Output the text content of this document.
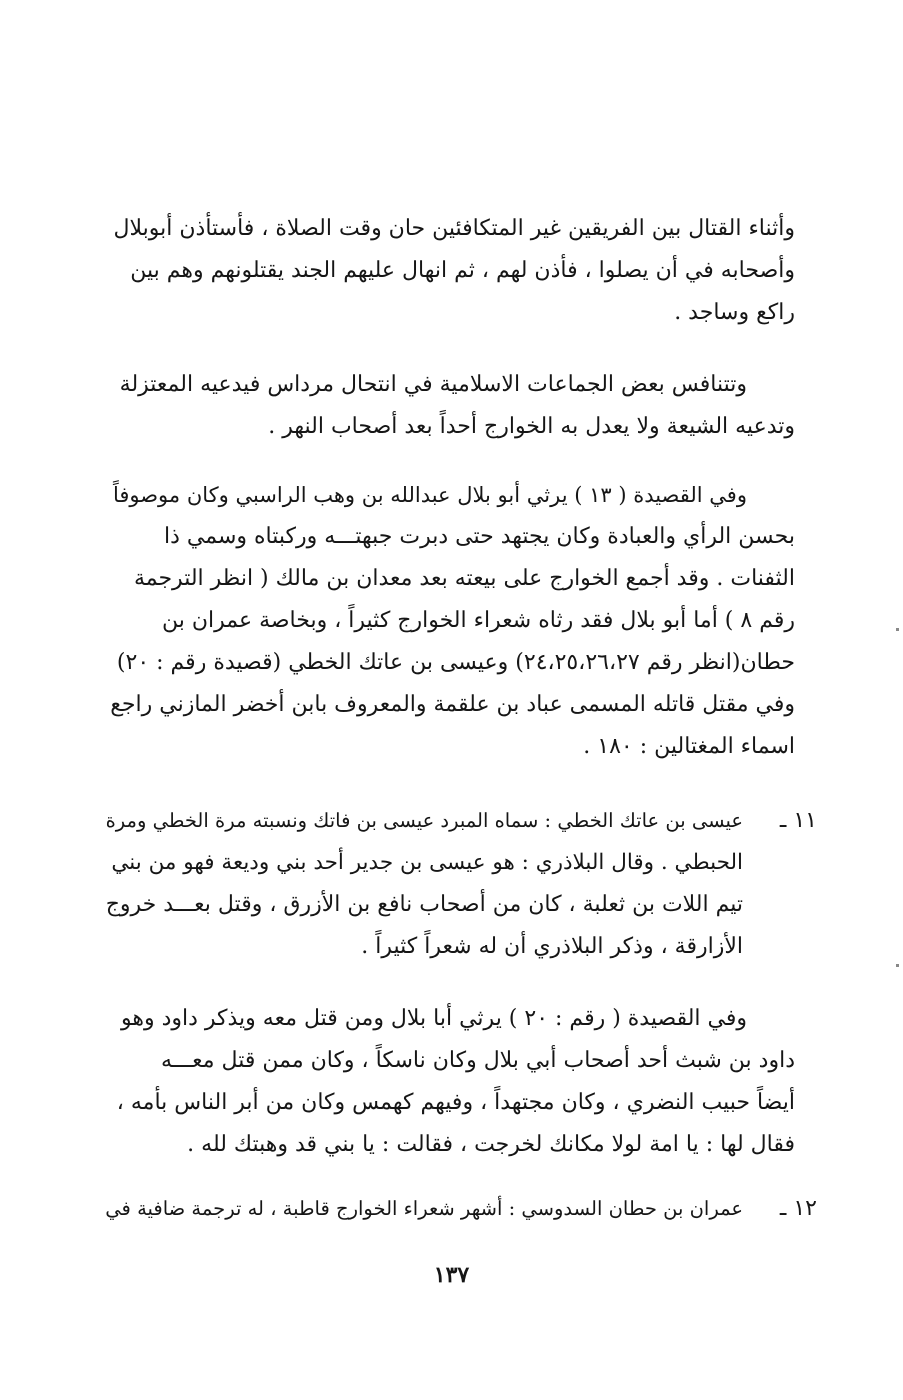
وأثناء القتال بين الفريقين غير المتكافئين حان وقت الصلاة ، فأستأذن أبوبلال
وأصحابه في أن يصلوا ، فأذن لهم ، ثم انهال عليهم الجند يقتلونهم وهم بين
راكع وساجد .
وتتنافس بعض الجماعات الاسلامية في انتحال مرداس فيدعيه المعتزلة
وتدعيه الشيعة ولا يعدل به الخوارج أحداً بعد أصحاب النهر .
وفي القصيدة ( ١٣ ) يرثي أبو بلال عبدالله بن وهب الراسبي وكان موصوفاً
بحسن الرأي والعبادة وكان يجتهد حتى دبرت جبهتـــه وركبتاه وسمي ذا
الثفنات . وقد أجمع الخوارج على بيعته بعد معدان بن مالك ( انظر الترجمة
رقم ٨ ) أما أبو بلال فقد رثاه شعراء الخوارج كثيراً ، وبخاصة عمران بن
حطان(انظر رقم ٢٤،٢٥،٢٦،٢٧) وعيسى بن عاتك الخطي (قصيدة رقم : ٢٠)
وفي مقتل قاتله المسمى عباد بن علقمة والمعروف بابن أخضر المازني راجع
اسماء المغتالين : ١٨٠ .
١١ ـ
عيسى بن عاتك الخطي : سماه المبرد عيسى بن فاتك ونسبته مرة الخطي ومرة
الحبطي . وقال البلاذري : هو عيسى بن جدير أحد بني وديعة فهو من بني
تيم اللات بن ثعلبة ، كان من أصحاب نافع بن الأزرق ، وقتل بعـــد خروج
الأزارقة ، وذكر البلاذري أن له شعراً كثيراً .
وفي القصيدة ( رقم : ٢٠ ) يرثي أبا بلال ومن قتل معه ويذكر داود وهو
داود بن شبث أحد أصحاب أبي بلال وكان ناسكاً ، وكان ممن قتل معـــه
أيضاً حبيب النضري ، وكان مجتهداً ، وفيهم كهمس وكان من أبر الناس بأمه ،
فقال لها : يا امة لولا مكانك لخرجت ، فقالت : يا بني قد وهبتك لله .
١٢ ـ
عمران بن حطان السدوسي : أشهر شعراء الخوارج قاطبة ، له ترجمة ضافية في
١٣٧
